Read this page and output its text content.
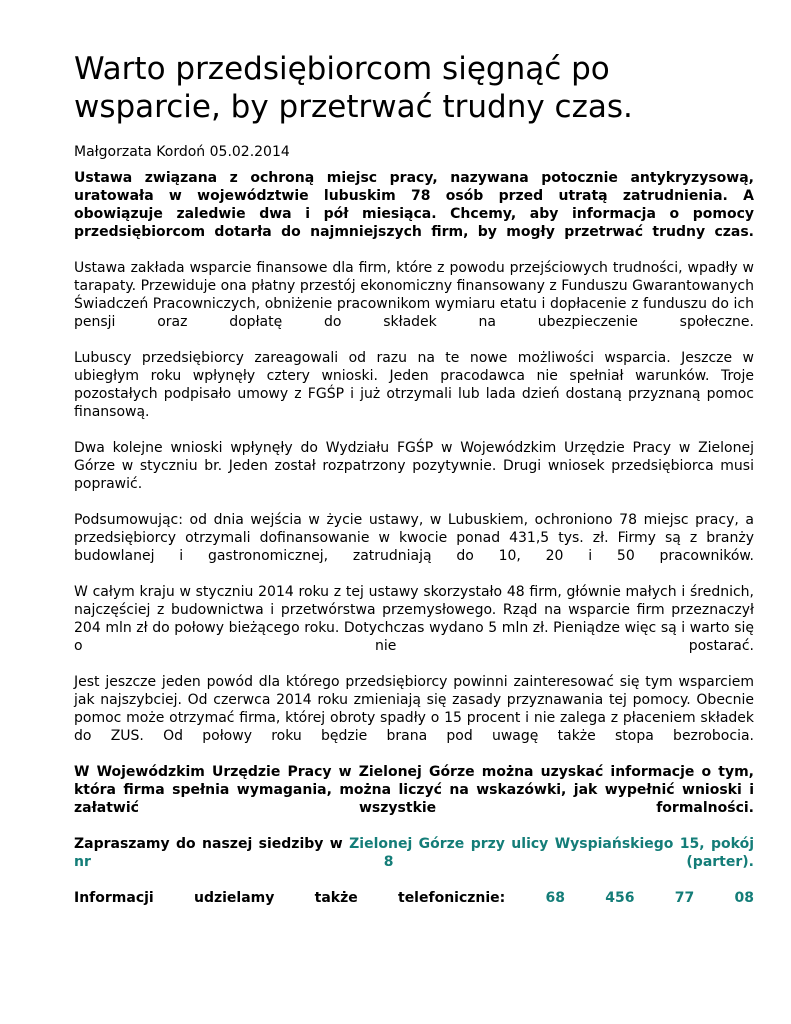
Warto przedsiębiorcom sięgnąć po wsparcie, by przetrwać trudny czas.

Małgorzata Kordoń 05.02.2014

Ustawa związana z ochroną miejsc pracy, nazywana potocznie antykryzysową, uratowała w województwie lubuskim 78 osób przed utratą zatrudnienia. A obowiązuje zaledwie dwa i pół miesiąca. Chcemy, aby informacja o pomocy przedsiębiorcom dotarła do najmniejszych firm, by mogły przetrwać trudny czas.

Ustawa zakłada wsparcie finansowe dla firm, które z powodu przejściowych trudności, wpadły w tarapaty. Przewiduje ona płatny przestój ekonomiczny finansowany z Funduszu Gwarantowanych Świadczeń Pracowniczych, obniżenie pracownikom wymiaru etatu i dopłacenie z funduszu do ich pensji oraz dopłatę do składek na ubezpieczenie społeczne.

Lubuscy przedsiębiorcy zareagowali od razu na te nowe możliwości wsparcia. Jeszcze w ubiegłym roku wpłynęły cztery wnioski. Jeden pracodawca nie spełniał warunków. Troje pozostałych podpisało umowy z FGŚP i już otrzymali lub lada dzień dostaną przyznaną pomoc finansową.

Dwa kolejne wnioski wpłynęły do Wydziału FGŚP w Wojewódzkim Urzędzie Pracy w Zielonej Górze w styczniu br. Jeden został rozpatrzony pozytywnie. Drugi wniosek przedsiębiorca musi poprawić.

Podsumowując: od dnia wejścia w życie ustawy, w Lubuskiem, ochroniono 78 miejsc pracy, a przedsiębiorcy otrzymali dofinansowanie w kwocie ponad 431,5 tys. zł. Firmy są z branży budowlanej i gastronomicznej, zatrudniają do 10, 20 i 50 pracowników.

W całym kraju w styczniu 2014 roku z tej ustawy skorzystało 48 firm, głównie małych i średnich, najczęściej z budownictwa i przetwórstwa przemysłowego. Rząd na wsparcie firm przeznaczył 204 mln zł do połowy bieżącego roku. Dotychczas wydano 5 mln zł. Pieniądze więc są i warto się o nie postarać.

Jest jeszcze jeden powód dla którego przedsiębiorcy powinni zainteresować się tym wsparciem jak najszybciej. Od czerwca 2014 roku zmieniają się zasady przyznawania tej pomocy. Obecnie pomoc może otrzymać firma, której obroty spadły o 15 procent i nie zalega z płaceniem składek do ZUS. Od połowy roku będzie brana pod uwagę także stopa bezrobocia.

W Wojewódzkim Urzędzie Pracy w Zielonej Górze można uzyskać informacje o tym, która firma spełnia wymagania, można liczyć na wskazówki, jak wypełnić wnioski i załatwić wszystkie formalności.

Zapraszamy do naszej siedziby w Zielonej Górze przy ulicy Wyspiańskiego 15, pokój nr 8 (parter).

Informacji udzielamy także telefonicznie:	68 456 77 08
